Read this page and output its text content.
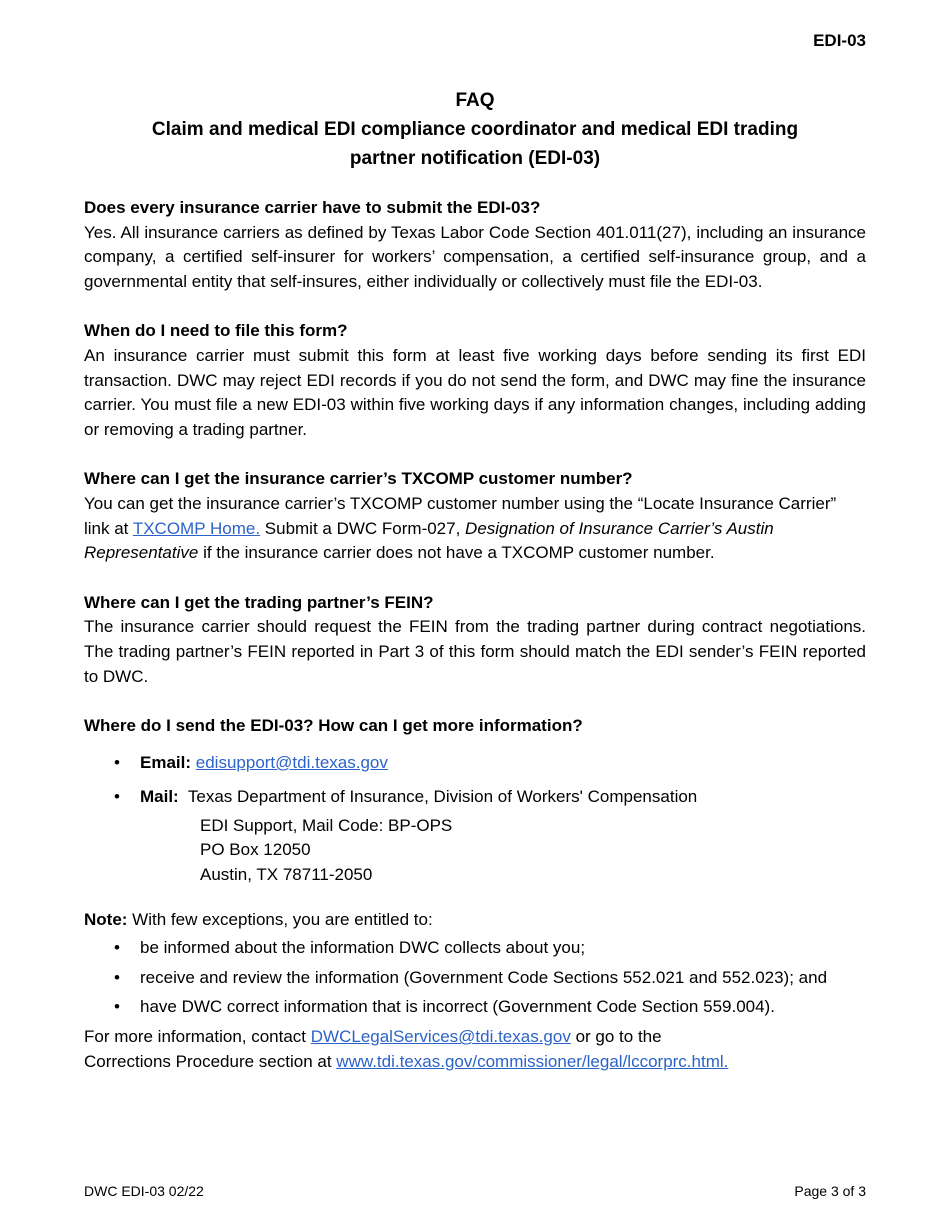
EDI-03
FAQ
Claim and medical EDI compliance coordinator and medical EDI trading
partner notification (EDI-03)

Does every insurance carrier have to submit the EDI-03?

Yes. All insurance carriers as defined by Texas Labor Code Section 401.011(27), including an insurance company, a certified self-insurer for workers’ compensation, a certified self-insurance group, and a governmental entity that self-insures, either individually or collectively must file the EDI-03.

When do I need to file this form?

An insurance carrier must submit this form at least five working days before sending its first EDI transaction. DWC may reject EDI records if you do not send the form, and DWC may fine the insurance carrier. You must file a new EDI-03 within five working days if any information changes, including adding or removing a trading partner.

Where can I get the insurance carrier’s TXCOMP customer number?

You can get the insurance carrier’s TXCOMP customer number using the “Locate Insurance Carrier” link at TXCOMP Home. Submit a DWC Form-027, Designation of Insurance Carrier’s Austin Representative if the insurance carrier does not have a TXCOMP customer number.

Where can I get the trading partner’s FEIN?

The insurance carrier should request the FEIN from the trading partner during contract negotiations. The trading partner’s FEIN reported in Part 3 of this form should match the EDI sender’s FEIN reported to DWC.

Where do I send the EDI-03? How can I get more information?

• Email: edisupport@tdi.texas.gov
• Mail: Texas Department of Insurance, Division of Workers' Compensation
EDI Support, Mail Code: BP-OPS
PO Box 12050
Austin, TX 78711-2050

Note: With few exceptions, you are entitled to:

• be informed about the information DWC collects about you;
• receive and review the information (Government Code Sections 552.021 and 552.023); and
• have DWC correct information that is incorrect (Government Code Section 559.004).

For more information, contact DWCLegalServices@tdi.texas.gov or go to the
Corrections Procedure section at www.tdi.texas.gov/commissioner/legal/lccorprc.html.

DWC EDI-03 02/22	Page 3 of 3
